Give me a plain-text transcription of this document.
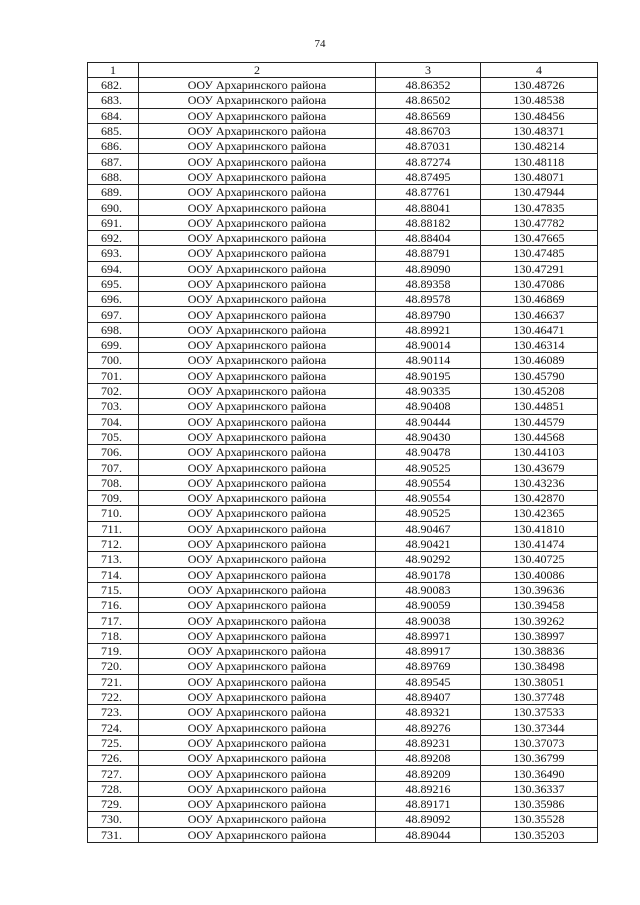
74
1	2	3	4
682.	ООУ Архаринского района	48.86352	130.48726
683.	ООУ Архаринского района	48.86502	130.48538
684.	ООУ Архаринского района	48.86569	130.48456
685.	ООУ Архаринского района	48.86703	130.48371
686.	ООУ Архаринского района	48.87031	130.48214
687.	ООУ Архаринского района	48.87274	130.48118
688.	ООУ Архаринского района	48.87495	130.48071
689.	ООУ Архаринского района	48.87761	130.47944
690.	ООУ Архаринского района	48.88041	130.47835
691.	ООУ Архаринского района	48.88182	130.47782
692.	ООУ Архаринского района	48.88404	130.47665
693.	ООУ Архаринского района	48.88791	130.47485
694.	ООУ Архаринского района	48.89090	130.47291
695.	ООУ Архаринского района	48.89358	130.47086
696.	ООУ Архаринского района	48.89578	130.46869
697.	ООУ Архаринского района	48.89790	130.46637
698.	ООУ Архаринского района	48.89921	130.46471
699.	ООУ Архаринского района	48.90014	130.46314
700.	ООУ Архаринского района	48.90114	130.46089
701.	ООУ Архаринского района	48.90195	130.45790
702.	ООУ Архаринского района	48.90335	130.45208
703.	ООУ Архаринского района	48.90408	130.44851
704.	ООУ Архаринского района	48.90444	130.44579
705.	ООУ Архаринского района	48.90430	130.44568
706.	ООУ Архаринского района	48.90478	130.44103
707.	ООУ Архаринского района	48.90525	130.43679
708.	ООУ Архаринского района	48.90554	130.43236
709.	ООУ Архаринского района	48.90554	130.42870
710.	ООУ Архаринского района	48.90525	130.42365
711.	ООУ Архаринского района	48.90467	130.41810
712.	ООУ Архаринского района	48.90421	130.41474
713.	ООУ Архаринского района	48.90292	130.40725
714.	ООУ Архаринского района	48.90178	130.40086
715.	ООУ Архаринского района	48.90083	130.39636
716.	ООУ Архаринского района	48.90059	130.39458
717.	ООУ Архаринского района	48.90038	130.39262
718.	ООУ Архаринского района	48.89971	130.38997
719.	ООУ Архаринского района	48.89917	130.38836
720.	ООУ Архаринского района	48.89769	130.38498
721.	ООУ Архаринского района	48.89545	130.38051
722.	ООУ Архаринского района	48.89407	130.37748
723.	ООУ Архаринского района	48.89321	130.37533
724.	ООУ Архаринского района	48.89276	130.37344
725.	ООУ Архаринского района	48.89231	130.37073
726.	ООУ Архаринского района	48.89208	130.36799
727.	ООУ Архаринского района	48.89209	130.36490
728.	ООУ Архаринского района	48.89216	130.36337
729.	ООУ Архаринского района	48.89171	130.35986
730.	ООУ Архаринского района	48.89092	130.35528
731.	ООУ Архаринского района	48.89044	130.35203
